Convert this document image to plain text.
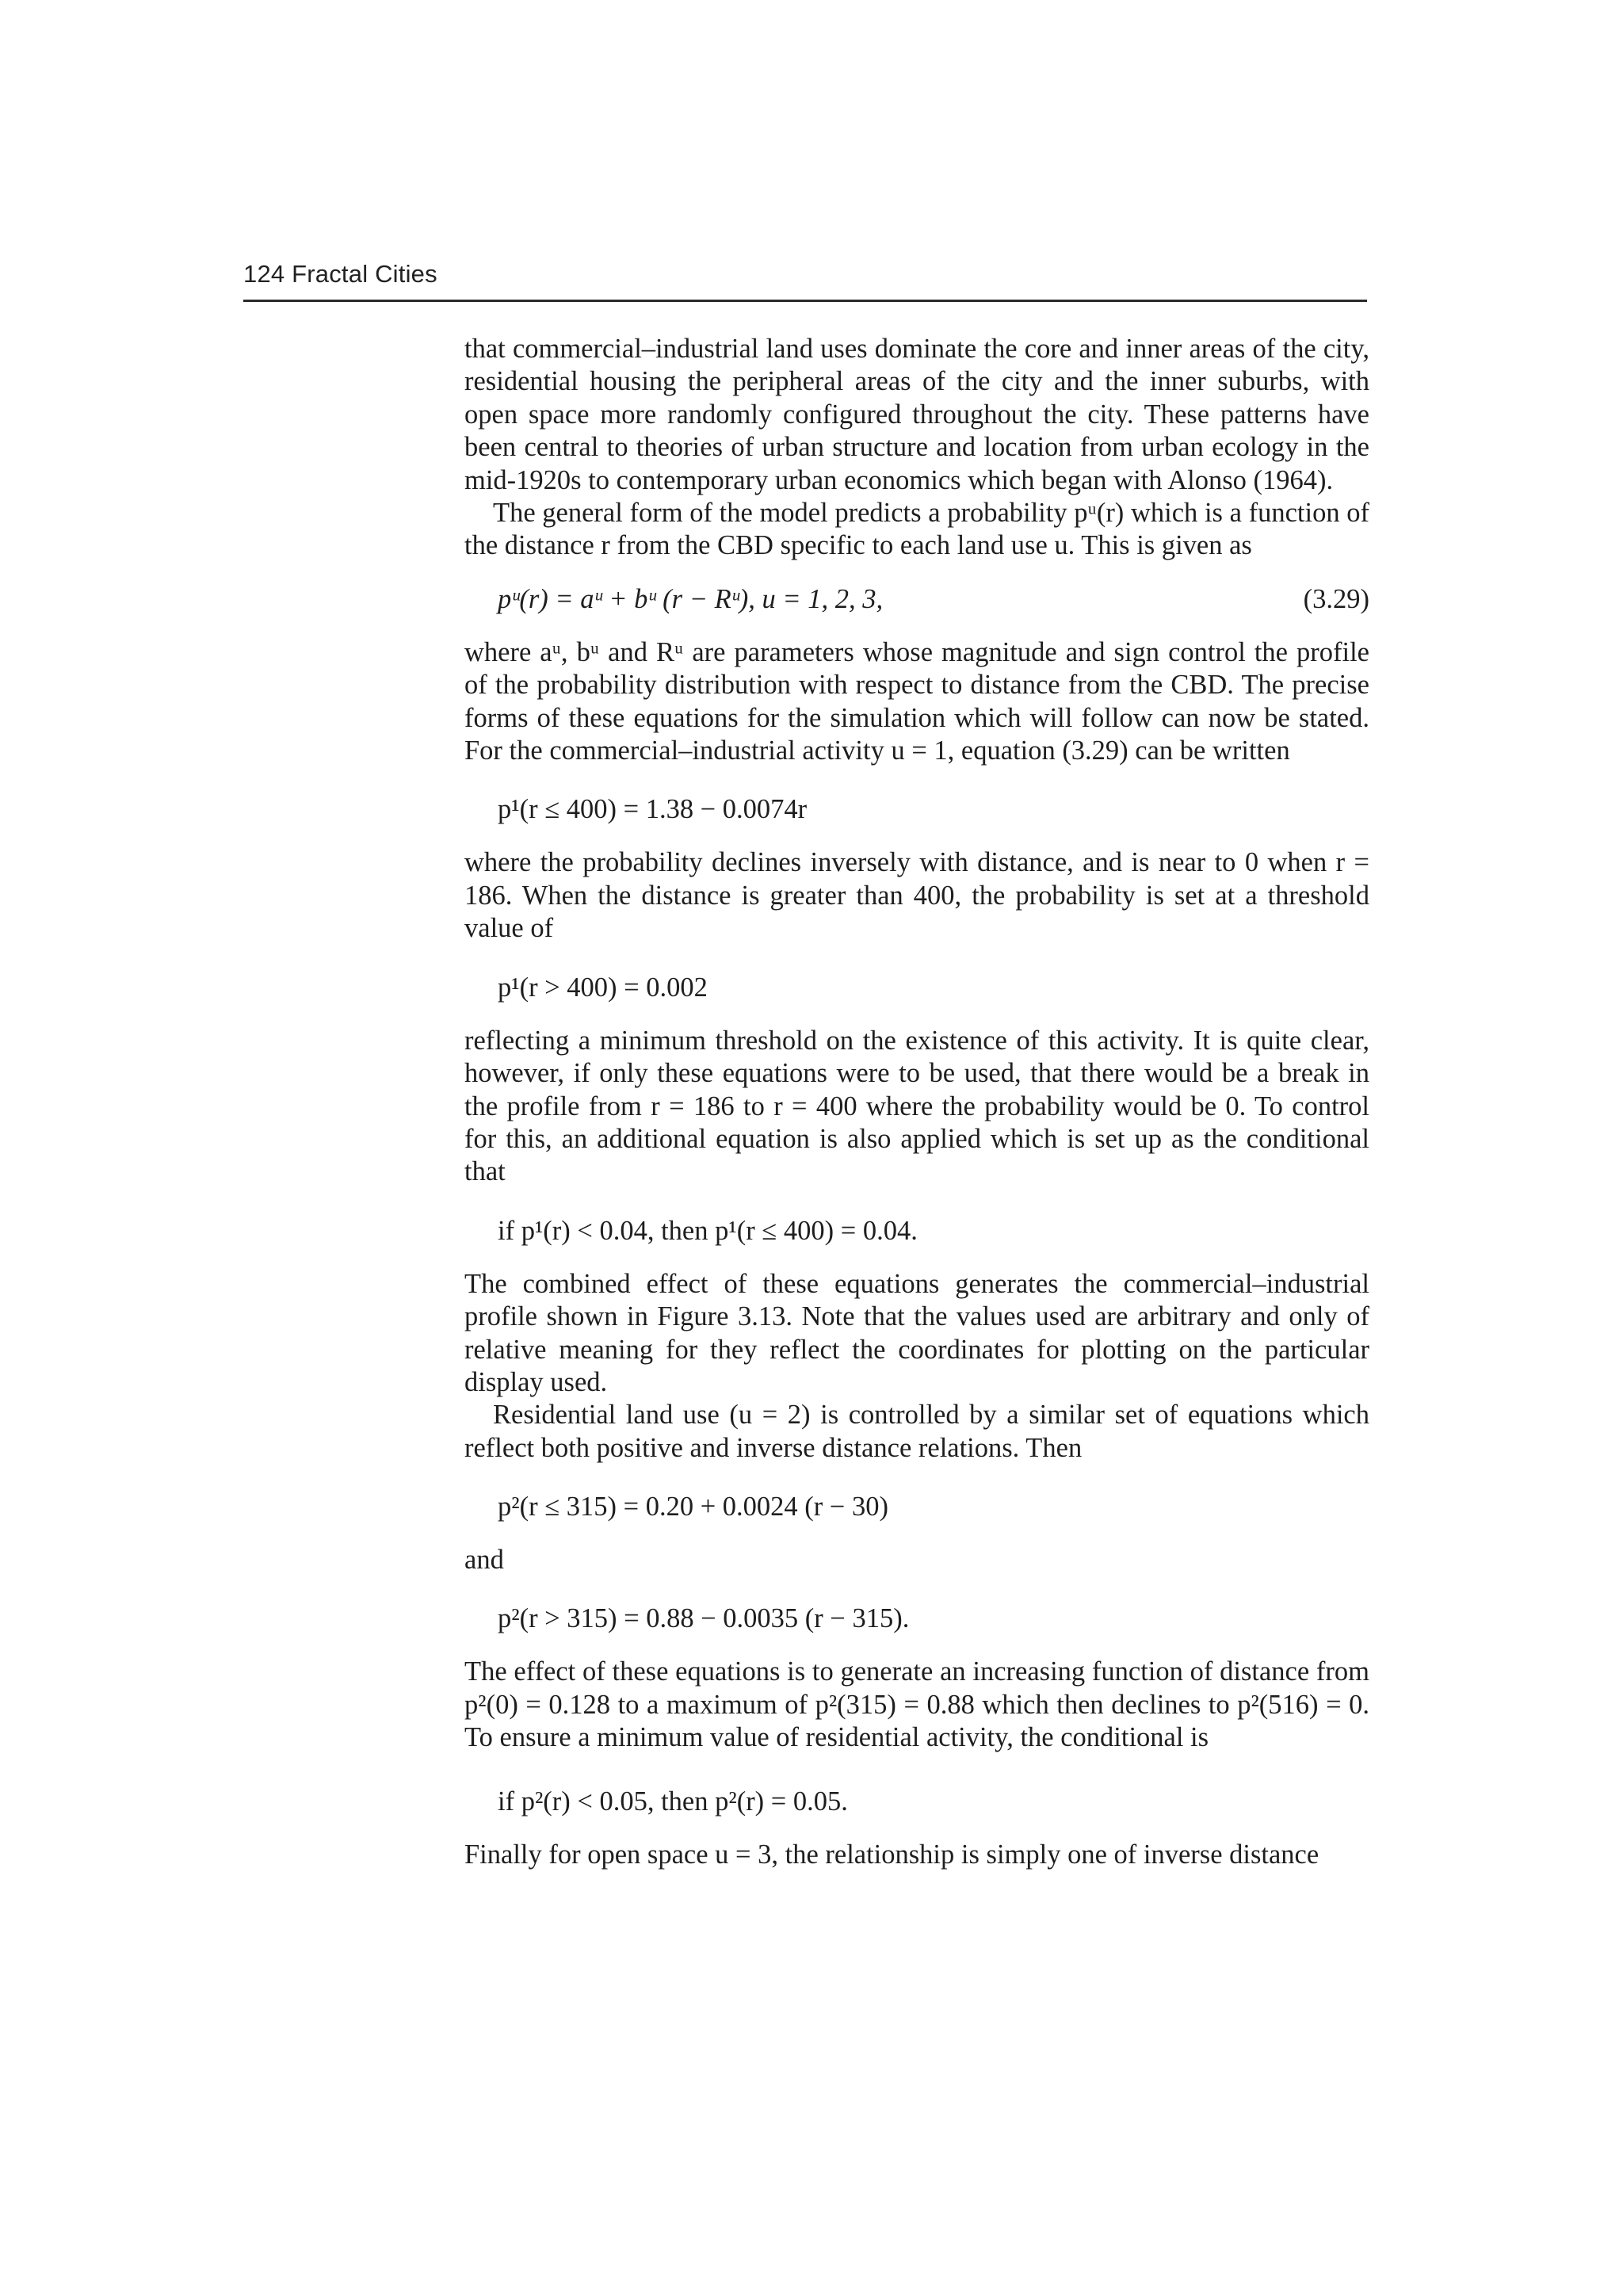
124 Fractal Cities

that commercial–industrial land uses dominate the core and inner areas of the city, residential housing the peripheral areas of the city and the inner suburbs, with open space more randomly configured throughout the city. These patterns have been central to theories of urban structure and location from urban ecology in the mid-1920s to contemporary urban economics which began with Alonso (1964).

The general form of the model predicts a probability pᵘ(r) which is a function of the distance r from the CBD specific to each land use u. This is given as

pᵘ(r) = aᵘ + bᵘ (r − Rᵘ), u = 1, 2, 3,	(3.29)

where aᵘ, bᵘ and Rᵘ are parameters whose magnitude and sign control the profile of the probability distribution with respect to distance from the CBD. The precise forms of these equations for the simulation which will follow can now be stated. For the commercial–industrial activity u = 1, equation (3.29) can be written

p¹(r ≤ 400) = 1.38 − 0.0074r

where the probability declines inversely with distance, and is near to 0 when r = 186. When the distance is greater than 400, the probability is set at a threshold value of

p¹(r > 400) = 0.002

reflecting a minimum threshold on the existence of this activity. It is quite clear, however, if only these equations were to be used, that there would be a break in the profile from r = 186 to r = 400 where the probability would be 0. To control for this, an additional equation is also applied which is set up as the conditional that

if p¹(r) < 0.04, then p¹(r ≤ 400) = 0.04.

The combined effect of these equations generates the commercial–industrial profile shown in Figure 3.13. Note that the values used are arbitrary and only of relative meaning for they reflect the coordinates for plotting on the particular display used.

Residential land use (u = 2) is controlled by a similar set of equations which reflect both positive and inverse distance relations. Then

p²(r ≤ 315) = 0.20 + 0.0024 (r − 30)
and
p²(r > 315) = 0.88 − 0.0035 (r − 315).

The effect of these equations is to generate an increasing function of distance from p²(0) = 0.128 to a maximum of p²(315) = 0.88 which then declines to p²(516) = 0. To ensure a minimum value of residential activity, the conditional is

if p²(r) < 0.05, then p²(r) = 0.05.

Finally for open space u = 3, the relationship is simply one of inverse distance
